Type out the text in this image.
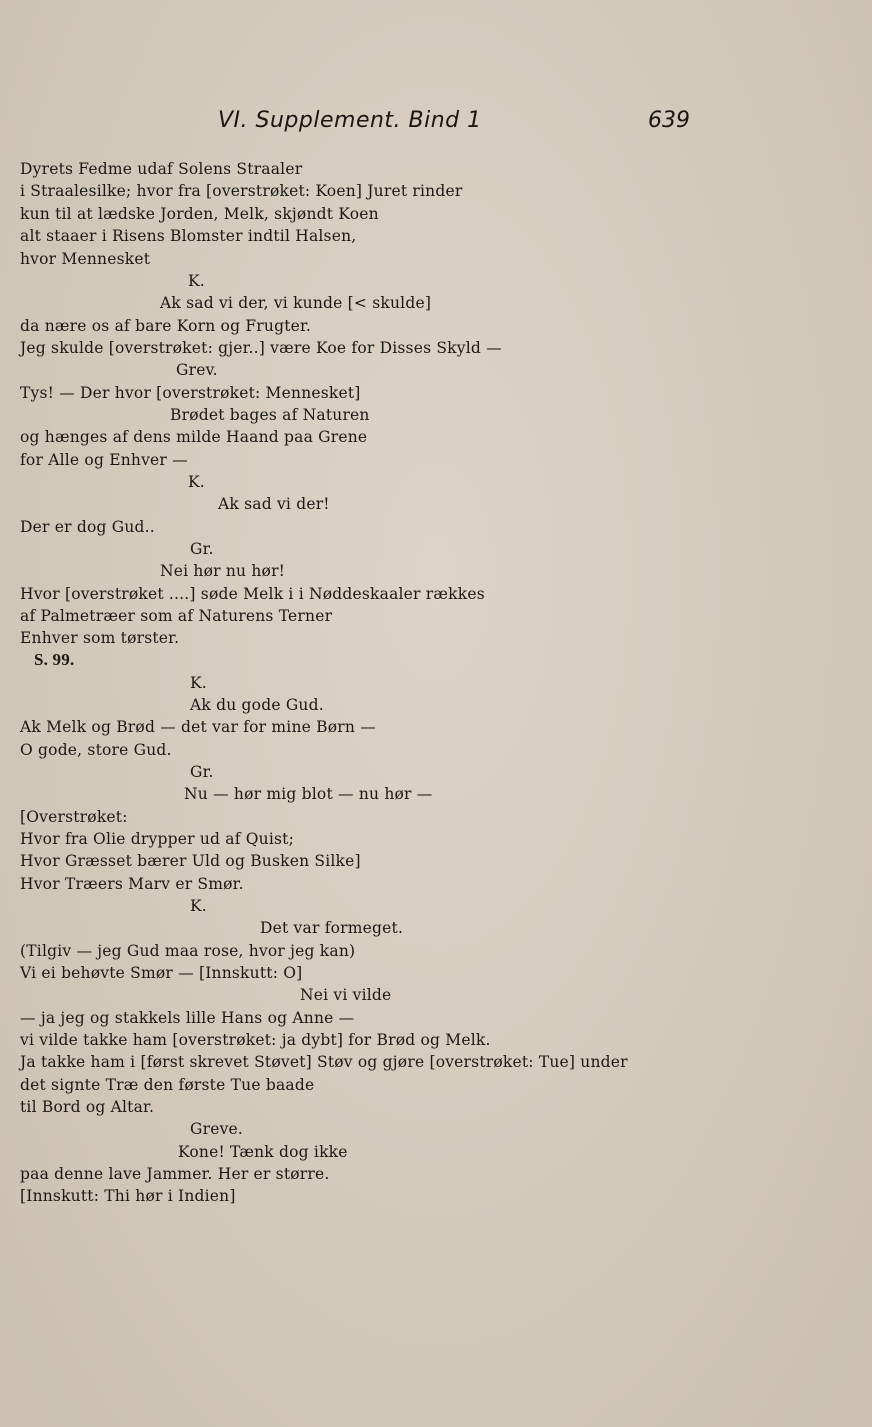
VI. Supplement. Bind 1	639
Dyrets Fedme udaf Solens Straaler
i Straalesilke; hvor fra [overstrøket: Koen] Juret rinder
kun til at lædske Jorden, Melk, skjøndt Koen
alt staaer i Risens Blomster indtil Halsen,
hvor Mennesket
K.
Ak sad vi der, vi kunde [< skulde]
da nære os af bare Korn og Frugter.
Jeg skulde [overstrøket: gjer..] være Koe for Disses Skyld —
Grev.
Tys! — Der hvor [overstrøket: Mennesket]
Brødet bages af Naturen
og hænges af dens milde Haand paa Grene
for Alle og Enhver —
K.
Ak sad vi der!
Der er dog Gud..
Gr.
Nei hør nu hør!
Hvor [overstrøket ....] søde Melk i i Nøddeskaaler rækkes
af Palmetræer som af Naturens Terner
Enhver som tørster.
S. 99.
K.
Ak du gode Gud.
Ak Melk og Brød — det var for mine Børn —
O gode, store Gud.
Gr.
Nu — hør mig blot — nu hør —
[Overstrøket:
Hvor fra Olie drypper ud af Quist;
Hvor Græsset bærer Uld og Busken Silke]
Hvor Træers Marv er Smør.
K.
Det var formeget.
(Tilgiv — jeg Gud maa rose, hvor jeg kan)
Vi ei behøvte Smør — [Innskutt: O]
Nei vi vilde
— ja jeg og stakkels lille Hans og Anne —
vi vilde takke ham [overstrøket: ja dybt] for Brød og Melk.
Ja takke ham i [først skrevet Støvet] Støv og gjøre [overstrøket: Tue] under
det signte Træ den første Tue baade
til Bord og Altar.
Greve.
Kone! Tænk dog ikke
paa denne lave Jammer. Her er større.
[Innskutt: Thi hør i Indien]
